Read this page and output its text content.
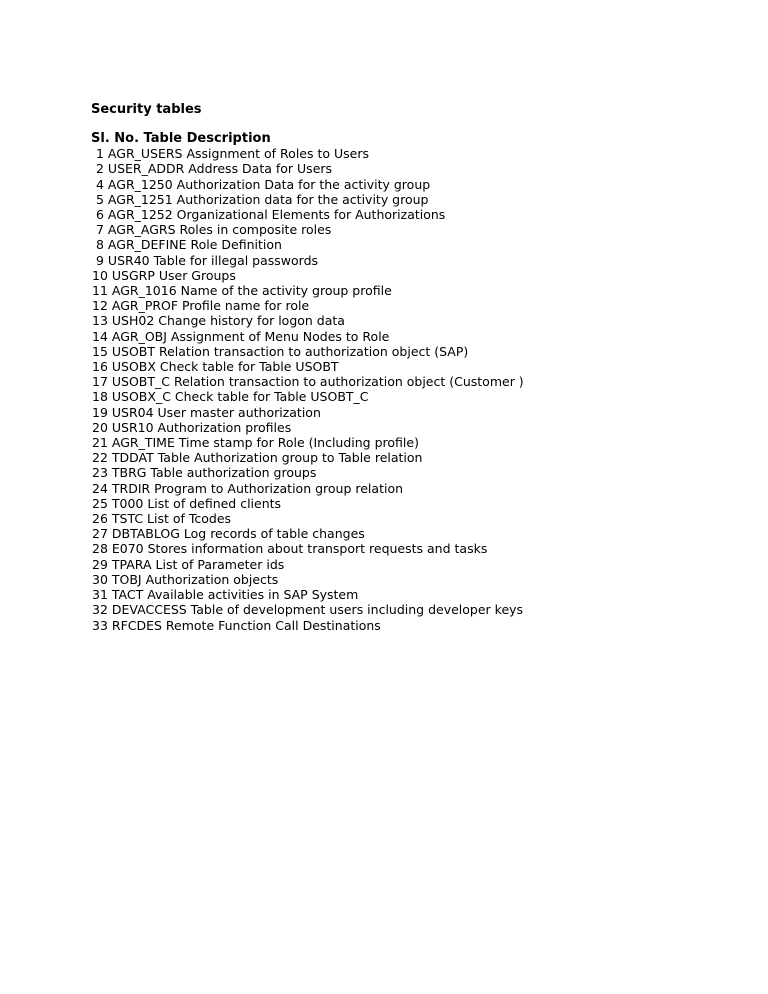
Security tables
Sl. No. Table Description
1 AGR_USERS Assignment of Roles to Users
2 USER_ADDR Address Data for Users
4 AGR_1250 Authorization Data for the activity group
5 AGR_1251 Authorization data for the activity group
6 AGR_1252 Organizational Elements for Authorizations
7 AGR_AGRS Roles in composite roles
8 AGR_DEFINE Role Definition
9 USR40 Table for illegal passwords
10 USGRP User Groups
11 AGR_1016 Name of the activity group profile
12 AGR_PROF Profile name for role
13 USH02 Change history for logon data
14 AGR_OBJ Assignment of Menu Nodes to Role
15 USOBT Relation transaction to authorization object (SAP)
16 USOBX Check table for Table USOBT
17 USOBT_C Relation transaction to authorization object (Customer )
18 USOBX_C Check table for Table USOBT_C
19 USR04 User master authorization
20 USR10 Authorization profiles
21 AGR_TIME Time stamp for Role (Including profile)
22 TDDAT Table Authorization group to Table relation
23 TBRG Table authorization groups
24 TRDIR Program to Authorization group relation
25 T000 List of defined clients
26 TSTC List of Tcodes
27 DBTABLOG Log records of table changes
28 E070 Stores information about transport requests and tasks
29 TPARA List of Parameter ids
30 TOBJ Authorization objects
31 TACT Available activities in SAP System
32 DEVACCESS Table of development users including developer keys
33 RFCDES Remote Function Call Destinations
